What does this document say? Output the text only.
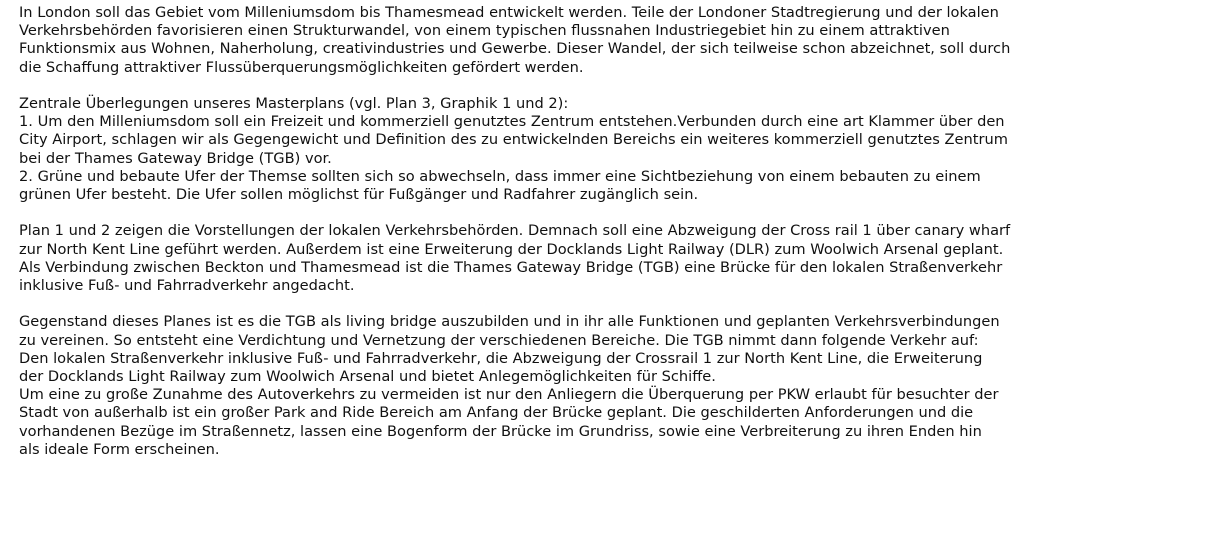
In London soll das Gebiet vom Milleniumsdom bis Thamesmead entwickelt werden. Teile der Londoner Stadtregierung und der lokalen
Verkehrsbehörden favorisieren einen Strukturwandel, von einem typischen flussnahen Industriegebiet hin zu einem attraktiven
Funktionsmix aus Wohnen, Naherholung, creativindustries und Gewerbe. Dieser Wandel, der sich teilweise schon abzeichnet, soll durch
die Schaffung attraktiver Flussüberquerungsmöglichkeiten gefördert werden.
Zentrale Überlegungen unseres Masterplans (vgl. Plan 3, Graphik 1 und 2):
1. Um den Milleniumsdom soll ein Freizeit und kommerziell genutztes Zentrum entstehen.Verbunden durch eine art Klammer über den
City Airport, schlagen wir als Gegengewicht und Definition des zu entwickelnden Bereichs ein weiteres kommerziell genutztes Zentrum
bei der Thames Gateway Bridge (TGB) vor.
2. Grüne und bebaute Ufer der Themse sollten sich so abwechseln, dass immer eine Sichtbeziehung von einem bebauten zu einem
grünen Ufer besteht. Die Ufer sollen möglichst für Fußgänger und Radfahrer zugänglich sein.
Plan 1 und 2 zeigen die Vorstellungen der lokalen Verkehrsbehörden. Demnach soll eine Abzweigung der Cross rail 1 über canary wharf
zur North Kent Line geführt werden. Außerdem ist eine Erweiterung der Docklands Light Railway (DLR) zum Woolwich Arsenal geplant.
Als Verbindung zwischen Beckton und Thamesmead ist die Thames Gateway Bridge (TGB) eine Brücke für den lokalen Straßenverkehr
inklusive Fuß- und Fahrradverkehr angedacht.
Gegenstand dieses Planes ist es die TGB als living bridge auszubilden und in ihr alle Funktionen und geplanten Verkehrsverbindungen
zu vereinen. So entsteht eine Verdichtung und Vernetzung der verschiedenen Bereiche. Die TGB nimmt dann folgende Verkehr auf:
Den lokalen Straßenverkehr inklusive Fuß- und Fahrradverkehr, die Abzweigung der Crossrail 1 zur North Kent Line, die Erweiterung
der Docklands Light Railway zum Woolwich Arsenal und bietet Anlegemöglichkeiten für Schiffe.
Um eine zu große Zunahme des Autoverkehrs zu vermeiden ist nur den Anliegern die Überquerung per PKW erlaubt für besuchter der
Stadt von außerhalb ist ein großer Park and Ride Bereich am Anfang der Brücke geplant. Die geschilderten Anforderungen und die
vorhandenen Bezüge im Straßennetz, lassen eine Bogenform der Brücke im Grundriss, sowie eine Verbreiterung zu ihren Enden hin
als ideale Form erscheinen.
